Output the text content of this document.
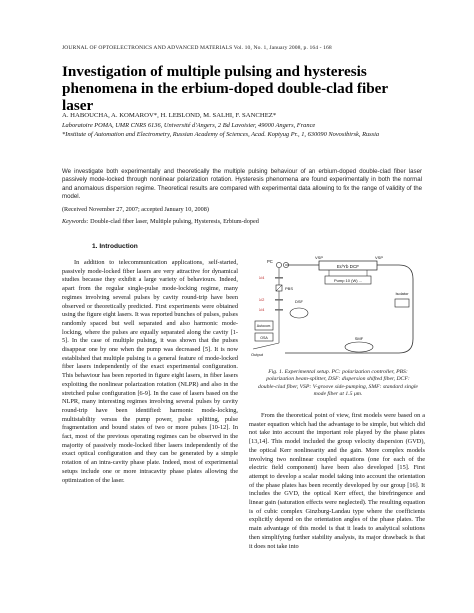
JOURNAL OF OPTOELECTRONICS AND ADVANCED MATERIALS Vol. 10, No. 1, January 2008, p. 164 - 168
Investigation of multiple pulsing and hysteresis phenomena in the erbium-doped double-clad fiber laser
A. HABOUCHA, A. KOMAROV*, H. LEBLOND, M. SALHI, F. SANCHEZ*
Laboratoire POMA, UMR CNRS 6136, Université d'Angers, 2 Bd Lavoisier, 49000 Angers, France
*Institute of Automation and Electrometry, Russian Academy of Sciences, Acad. Koptyug Pr., 1, 630090 Novosibirsk, Russia
We investigate both experimentally and theoretically the multiple pulsing behaviour of an erbium-doped double-clad fiber laser passively mode-locked through nonlinear polarization rotation. Hysteresis phenomena are found experimentally in both the normal and anomalous dispersion regime. Theoretical results are compared with experimental data allowing to fix the range of validity of the model.
(Received November 27, 2007; accepted January 10, 2008)
Keywords: Double-clad fiber laser, Multiple pulsing, Hysteresis, Erbium-doped
1. Introduction

In addition to telecommunication applications, self-started, passively mode-locked fiber lasers are very attractive for dynamical studies because they exhibit a large variety of behaviours. Indeed, apart from the regular single-pulse mode-locking regime, many regimes involving several pulses by cavity round-trip have been observed or theoretically predicted. First experiments were obtained using the figure eight lasers. It was reported bunches of pulses, pulses randomly spaced but well separated and also harmonic mode-locking, where the pulses are equally separated along the cavity [1-5]. In the case of multiple pulsing, it was shown that the pulses disappear one by one when the pump was decreased [5]. It is now established that multiple pulsing is a general feature of mode-locked fiber lasers independently of the exact experimental configuration. This behaviour has been reported in figure eight lasers, in fiber lasers exploiting the nonlinear polarization rotation (NLPR) and also in the stretched pulse configuration [6-9]. In the case of lasers based on the NLPR, many interesting regimes involving several pulses by cavity round-trip have been identified: harmonic mode-locking, multistability versus the pump power, pulse splitting, pulse fragmentation and bound states of two or more pulses [10-12]. In fact, most of the previous operating regimes can be observed in the majority of passively mode-locked fiber lasers independently of the exact optical configuration and they can be generated by a simple rotation of an intra-cavity phase plate. Indeed, most of experimental setups include one or more intracavity phase plates allowing the optimization of the laser.

Er/Yb DCF
Pump 10 (W) ...
VSP	VSP
PC
PBS
λ/4
λ/2
λ/4
DSF
Autocorr.
OSA
Output
Isolator
SMF
Fig. 1. Experimental setup. PC: polarization controller, PBS: polarization beam-splitter, DSF: dispersion shifted fiber, DCF: double-clad fiber, VSP: V-groove side-pumping, SMF: standard single mode fiber at 1.5 μm.

From the theoretical point of view, first models were based on a master equation which had the advantage to be simple, but which did not take into account the important role played by the phase plates [13,14]. This model included the group velocity dispersion (GVD), the optical Kerr nonlinearity and the gain. More complex models involving two nonlinear coupled equations (one for each of the electric field component) have been also developed [15]. First attempt to develop a scalar model taking into account the orientation of the phase plates has been recently developed by our group [16]. It includes the GVD, the optical Kerr effect, the birefringence and linear gain (saturation effects were neglected). The resulting equation is of cubic complex Ginzburg-Landau type where the coefficients explicitly depend on the orientation angles of the phase plates. The main advantage of this model is that it leads to analytical solutions then simplifying further stability analysis, its major drawback is that it does not take into
